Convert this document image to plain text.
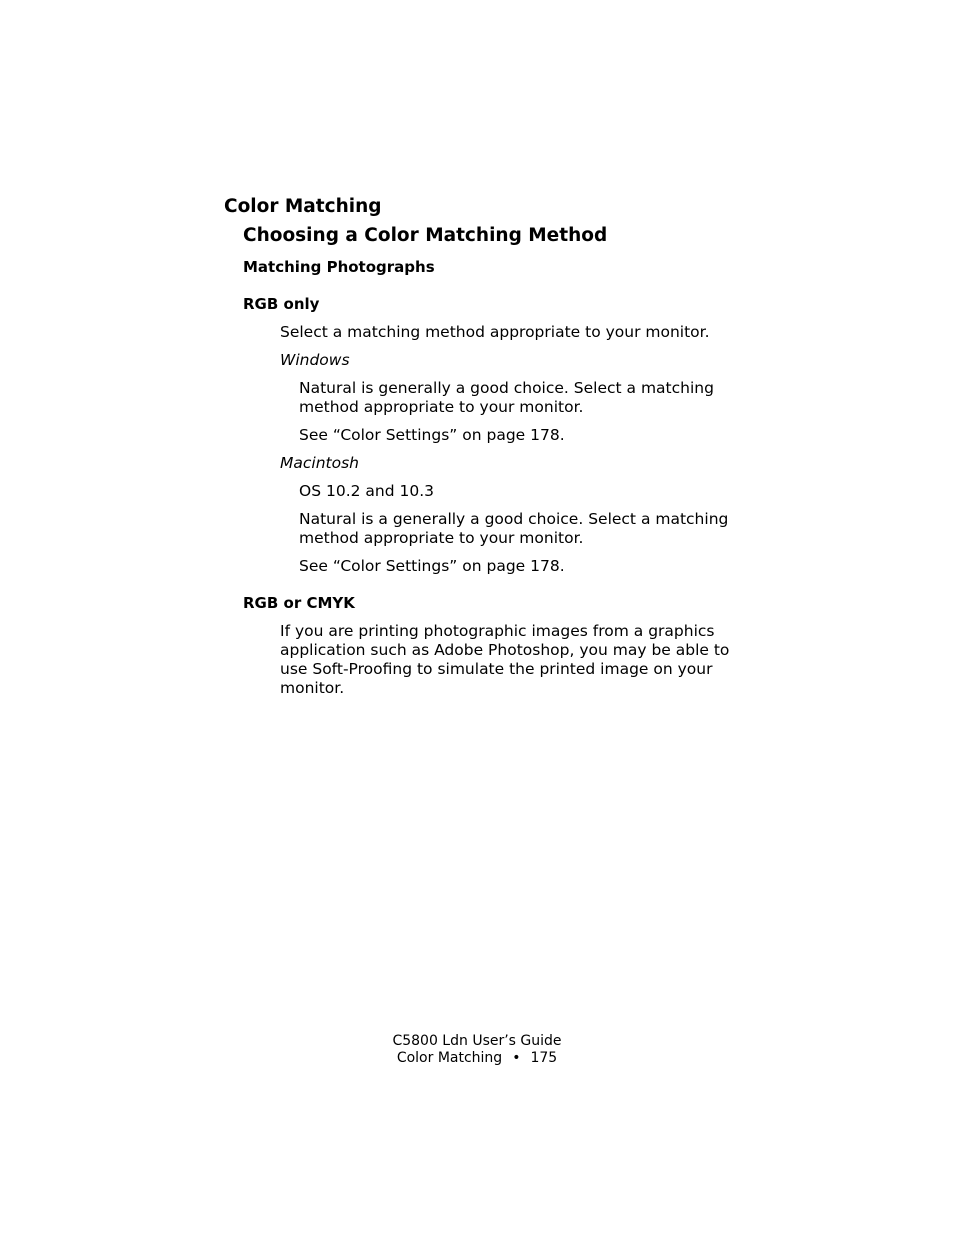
Color Matching
Choosing a Color Matching Method
Matching Photographs
RGB only

Select a matching method appropriate to your monitor.

Windows

Natural is generally a good choice. Select a matching method appropriate to your monitor.

See “Color Settings” on page 178.

Macintosh

OS 10.2 and 10.3

Natural is a generally a good choice. Select a matching method appropriate to your monitor.

See “Color Settings” on page 178.

RGB or CMYK

If you are printing photographic images from a graphics application such as Adobe Photoshop, you may be able to use Soft-Proofing to simulate the printed image on your monitor.

C5800 Ldn User’s Guide
Color Matching • 175
